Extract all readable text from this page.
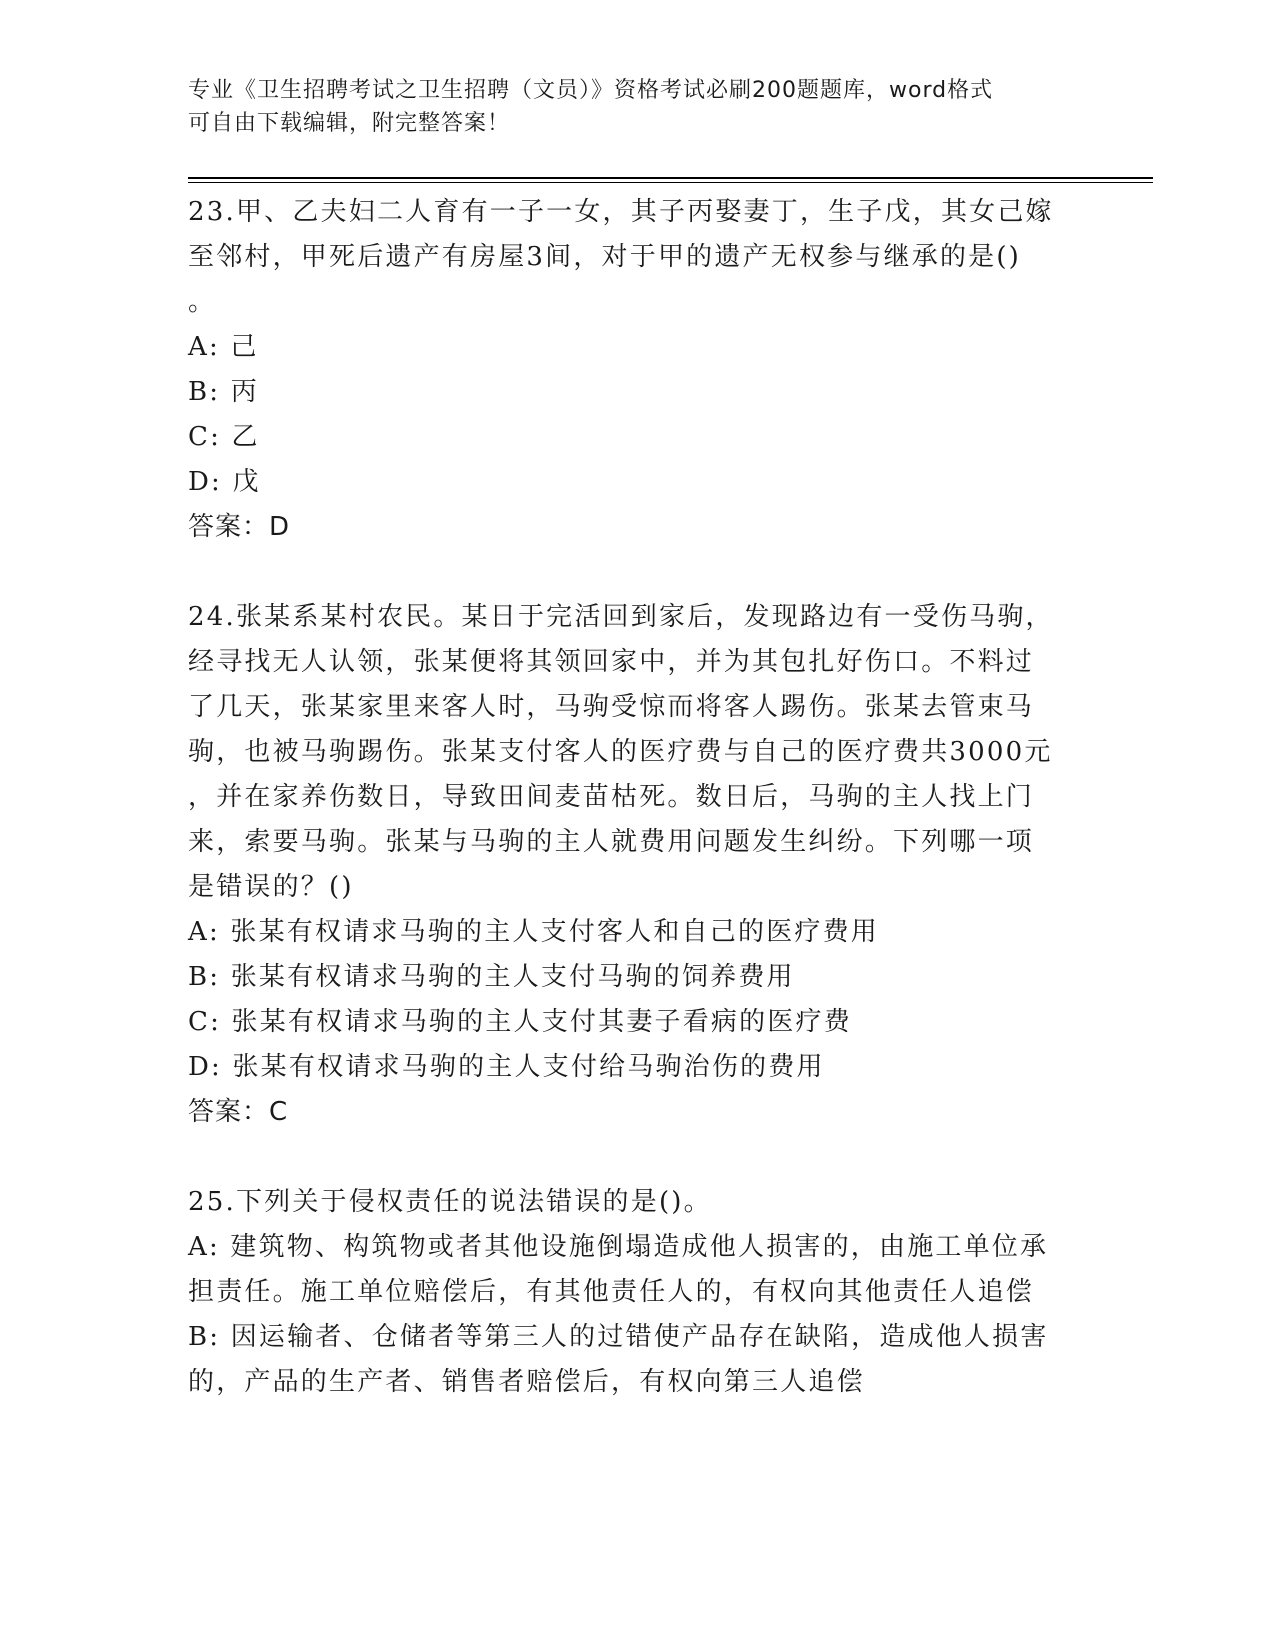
专业《卫生招聘考试之卫生招聘（文员）》资格考试必刷200题题库，word格式
可自由下载编辑，附完整答案！
23.甲、乙夫妇二人育有一子一女，其子丙娶妻丁，生子戊，其女己嫁
至邻村，甲死后遗产有房屋3间，对于甲的遗产无权参与继承的是()
。
A: 己
B: 丙
C: 乙
D: 戊
答案：D
24.张某系某村农民。某日于完活回到家后，发现路边有一受伤马驹，
经寻找无人认领，张某便将其领回家中，并为其包扎好伤口。不料过
了几天，张某家里来客人时，马驹受惊而将客人踢伤。张某去管束马
驹，也被马驹踢伤。张某支付客人的医疗费与自己的医疗费共3000元
，并在家养伤数日，导致田间麦苗枯死。数日后，马驹的主人找上门
来，索要马驹。张某与马驹的主人就费用问题发生纠纷。下列哪一项
是错误的？()
A: 张某有权请求马驹的主人支付客人和自己的医疗费用
B: 张某有权请求马驹的主人支付马驹的饲养费用
C: 张某有权请求马驹的主人支付其妻子看病的医疗费
D: 张某有权请求马驹的主人支付给马驹治伤的费用
答案：C
25.下列关于侵权责任的说法错误的是()。
A: 建筑物、构筑物或者其他设施倒塌造成他人损害的，由施工单位承
担责任。施工单位赔偿后，有其他责任人的，有权向其他责任人追偿
B: 因运输者、仓储者等第三人的过错使产品存在缺陷，造成他人损害
的，产品的生产者、销售者赔偿后，有权向第三人追偿
